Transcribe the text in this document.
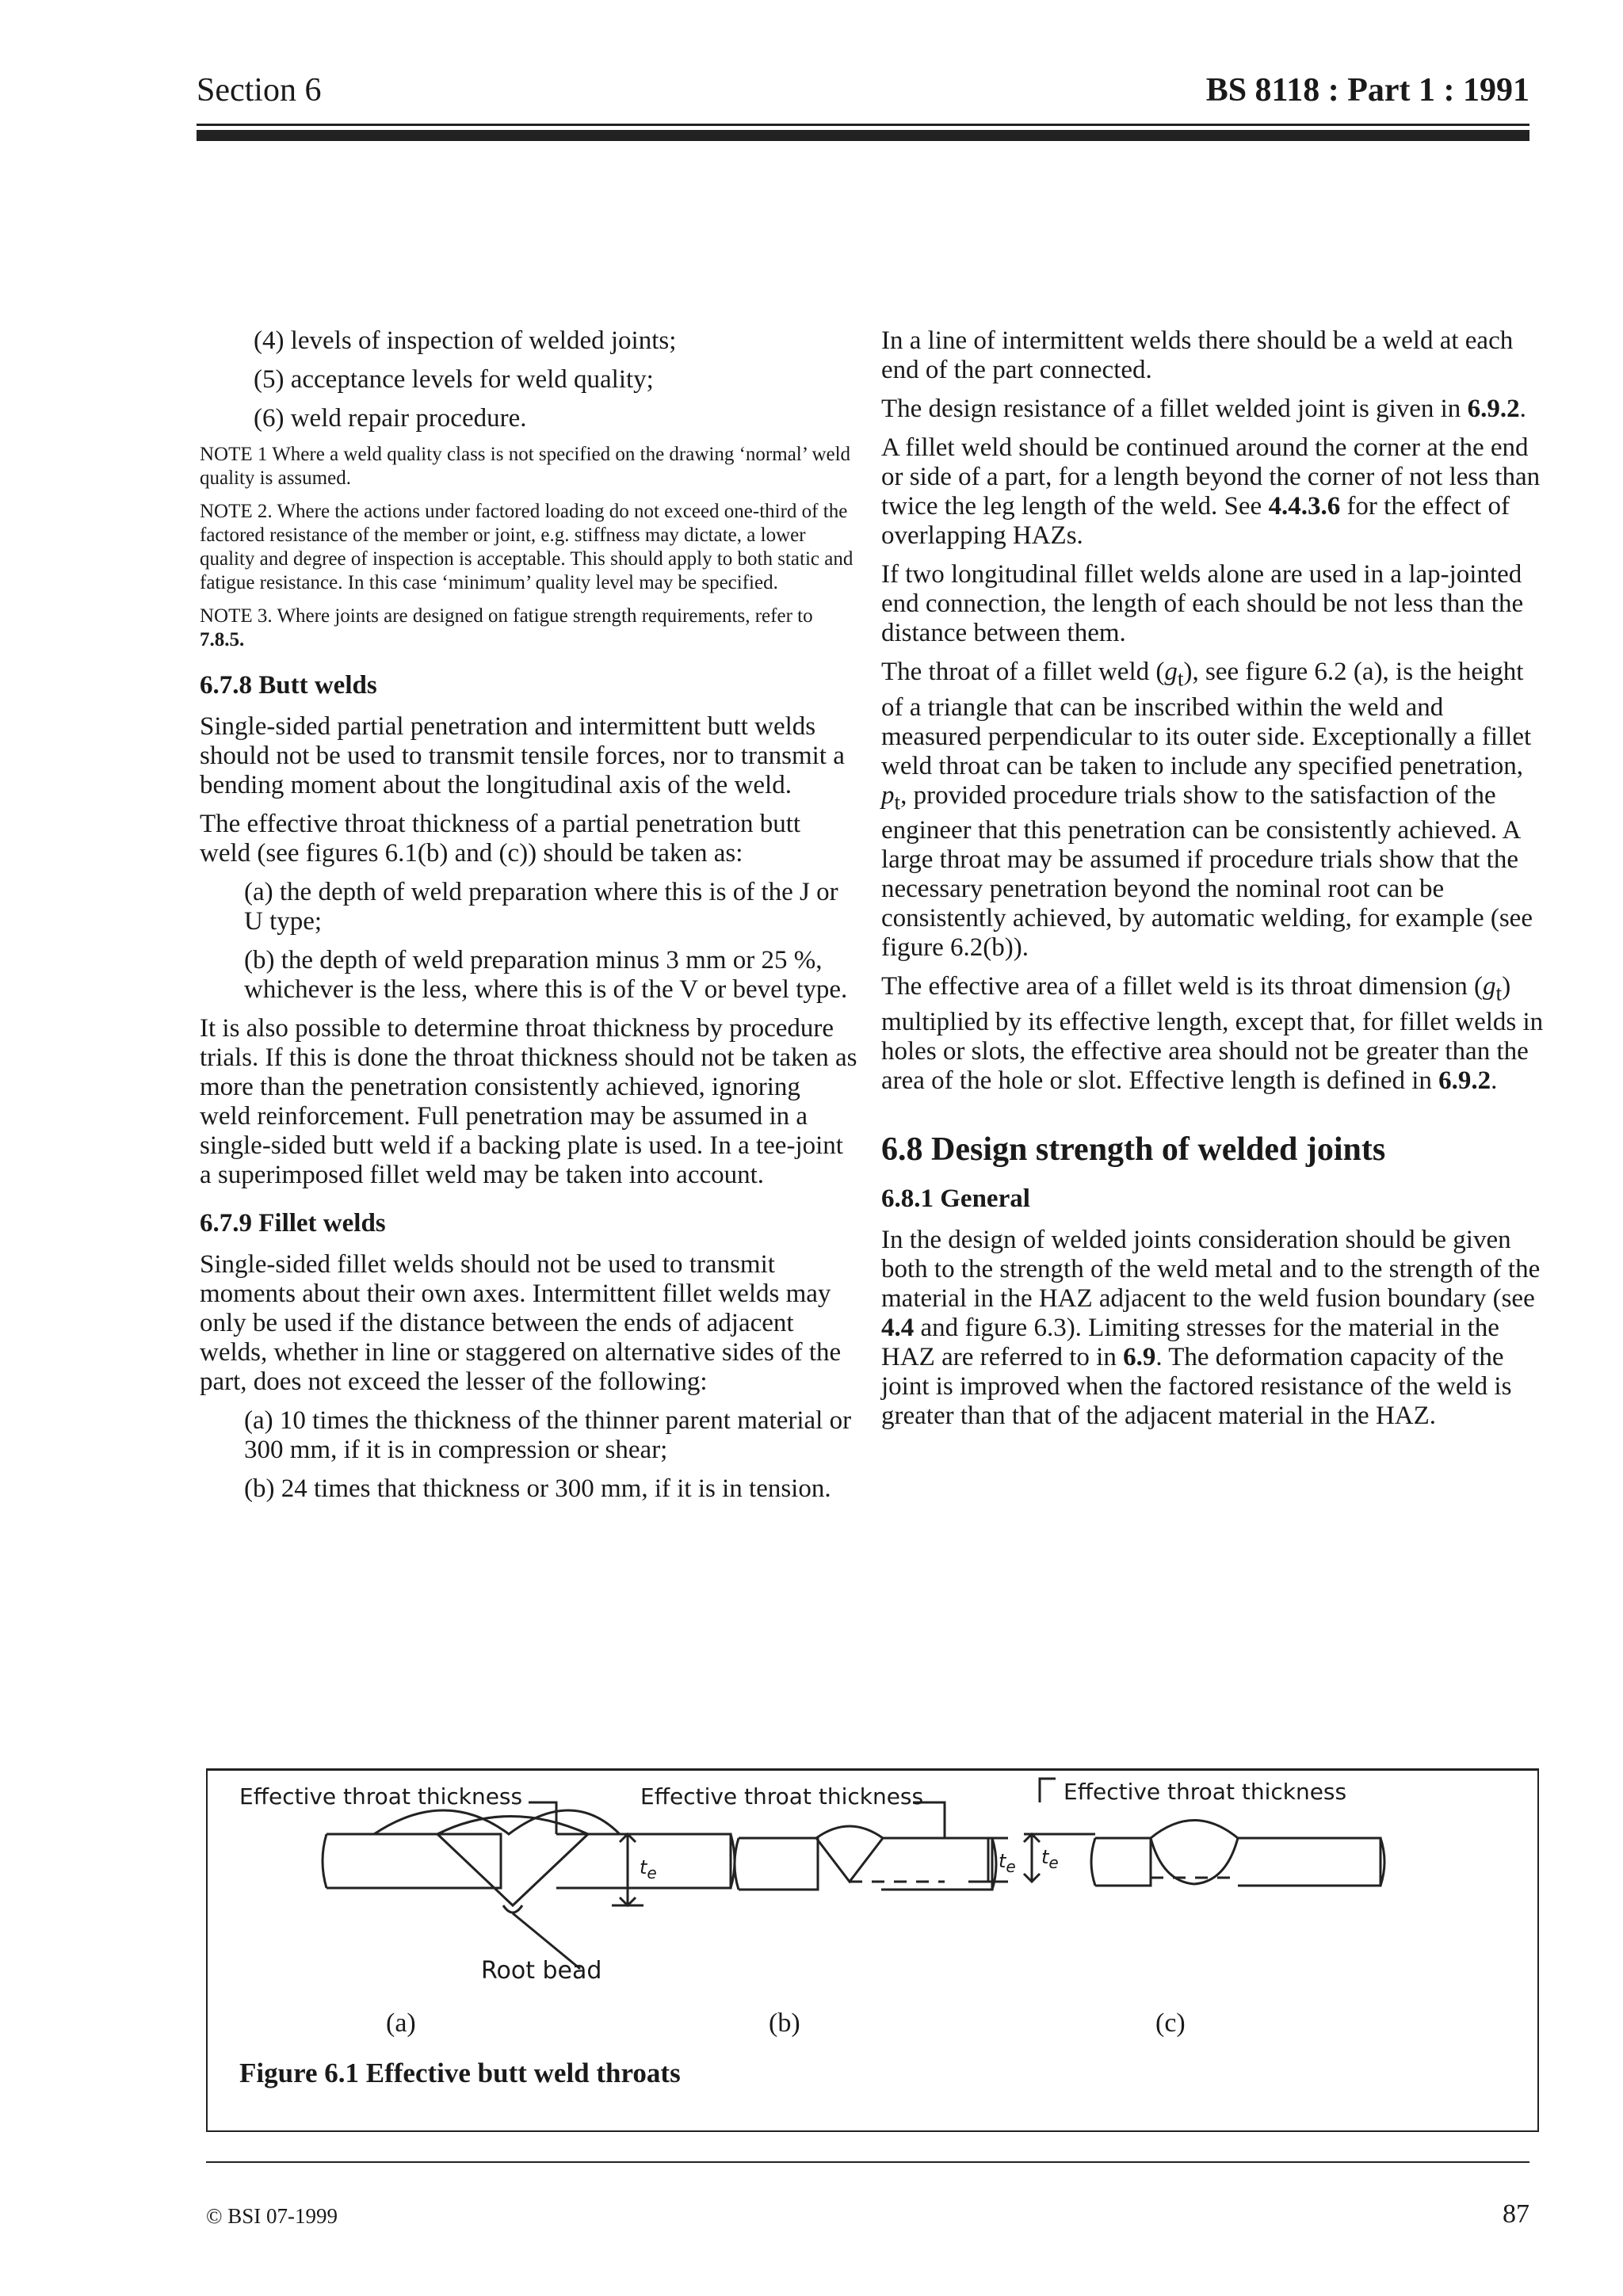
Section 6	BS 8118 : Part 1 : 1991

(4) levels of inspection of welded joints;

(5) acceptance levels for weld quality;

(6) weld repair procedure.

NOTE 1 Where a weld quality class is not specified on the drawing ‘normal’ weld quality is assumed.

NOTE 2. Where the actions under factored loading do not exceed one-third of the factored resistance of the member or joint, e.g. stiffness may dictate, a lower quality and degree of inspection is acceptable. This should apply to both static and fatigue resistance. In this case ‘minimum’ quality level may be specified.

NOTE 3. Where joints are designed on fatigue strength requirements, refer to 7.8.5.

6.7.8 Butt welds

Single-sided partial penetration and intermittent butt welds should not be used to transmit tensile forces, nor to transmit a bending moment about the longitudinal axis of the weld.

The effective throat thickness of a partial penetration butt weld (see figures 6.1(b) and (c)) should be taken as:

(a) the depth of weld preparation where this is of the J or U type;

(b) the depth of weld preparation minus 3 mm or 25 %, whichever is the less, where this is of the V or bevel type.

It is also possible to determine throat thickness by procedure trials. If this is done the throat thickness should not be taken as more than the penetration consistently achieved, ignoring weld reinforcement. Full penetration may be assumed in a single-sided butt weld if a backing plate is used. In a tee-joint a superimposed fillet weld may be taken into account.

6.7.9 Fillet welds

Single-sided fillet welds should not be used to transmit moments about their own axes. Intermittent fillet welds may only be used if the distance between the ends of adjacent welds, whether in line or staggered on alternative sides of the part, does not exceed the lesser of the following:

(a) 10 times the thickness of the thinner parent material or 300 mm, if it is in compression or shear;

(b) 24 times that thickness or 300 mm, if it is in tension.

In a line of intermittent welds there should be a weld at each end of the part connected.

The design resistance of a fillet welded joint is given in 6.9.2.

A fillet weld should be continued around the corner at the end or side of a part, for a length beyond the corner of not less than twice the leg length of the weld. See 4.4.3.6 for the effect of overlapping HAZs.

If two longitudinal fillet welds alone are used in a lap-jointed end connection, the length of each should be not less than the distance between them.

The throat of a fillet weld $(g_t)$, see figure 6.2 (a), is the height of a triangle that can be inscribed within the weld and measured perpendicular to its outer side. Exceptionally a fillet weld throat can be taken to include any specified penetration, $p_t$, provided procedure trials show to the satisfaction of the engineer that this penetration can be consistently achieved. A large throat may be assumed if procedure trials show that the necessary penetration beyond the nominal root can be consistently achieved, by automatic welding, for example (see figure 6.2(b)).

The effective area of a fillet weld is its throat dimension $(g_t)$ multiplied by its effective length, except that, for fillet welds in holes or slots, the effective area should not be greater than the area of the hole or slot. Effective length is defined in 6.9.2.

6.8 Design strength of welded joints
6.8.1 General

In the design of welded joints consideration should be given both to the strength of the weld metal and to the strength of the material in the HAZ adjacent to the weld fusion boundary (see 4.4 and figure 6.3). Limiting stresses for the material in the HAZ are referred to in 6.9. The deformation capacity of the joint is improved when the factored resistance of the weld is greater than that of the adjacent material in the HAZ.

Effective throat thickness	Effective throat thickness	Effective throat thickness
$t_e$
$t_e$ $t_e$
Root bead
(a)	(b)	(c)
Figure 6.1 Effective butt weld throats
© BSI 07-1999	87
